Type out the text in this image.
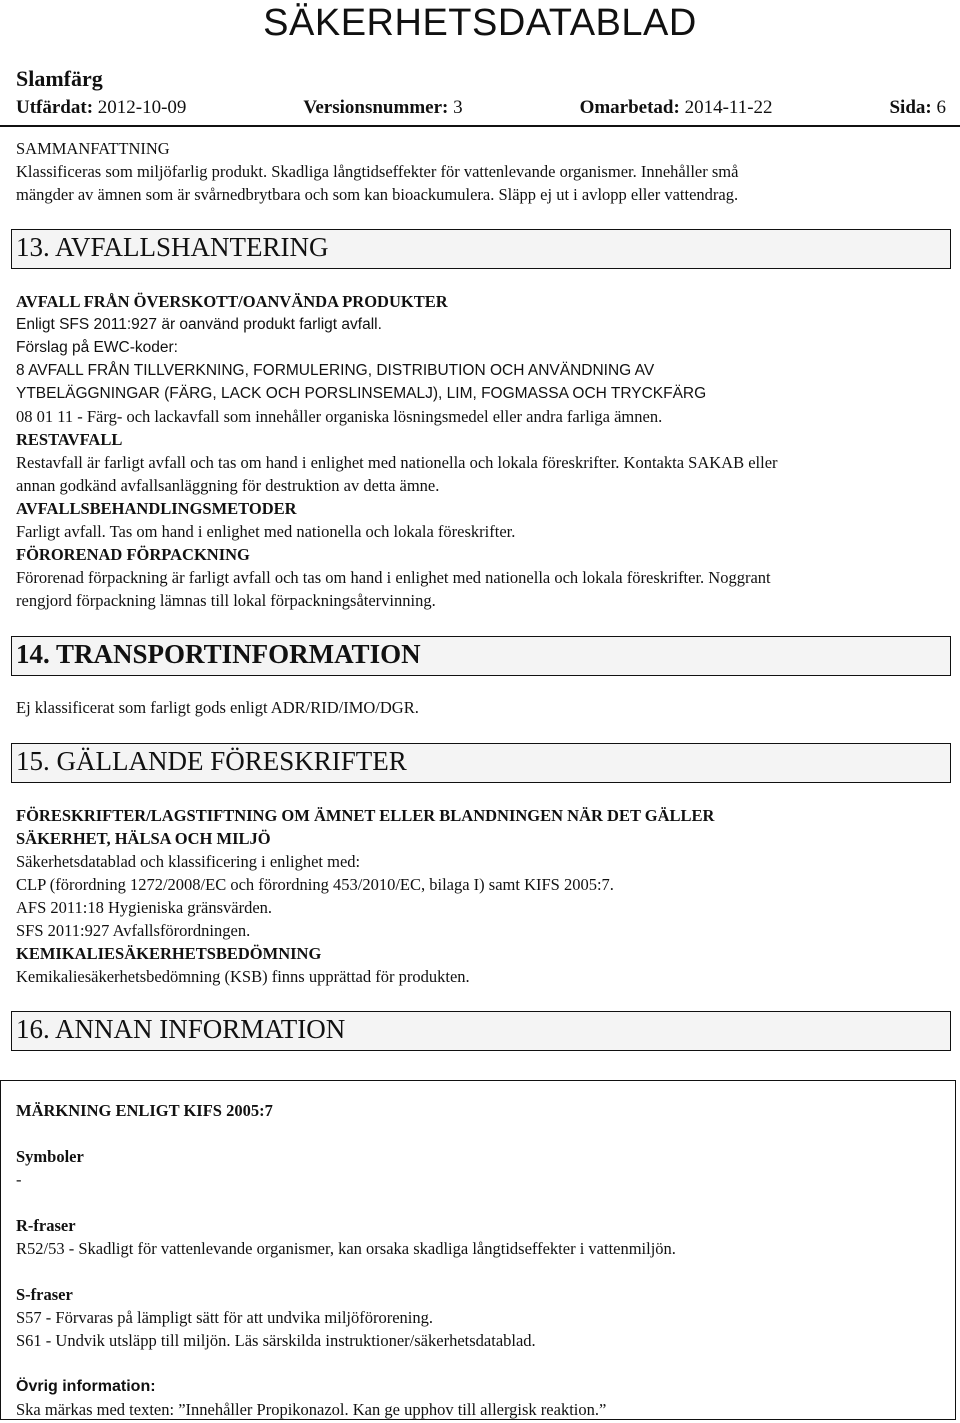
SÄKERHETSDATABLAD
Slamfärg
Utfärdat: 2012-10-09	Versionsnummer: 3	Omarbetad: 2014-11-22	Sida: 6

SAMMANFATTNING

Klassificeras som miljöfarlig produkt. Skadliga långtidseffekter för vattenlevande organismer. Innehåller små

mängder av ämnen som är svårnedbrytbara och som kan bioackumulera. Släpp ej ut i avlopp eller vattendrag.

13. AVFALLSHANTERING

AVFALL FRÅN ÖVERSKOTT/OANVÄNDA PRODUKTER

Enligt SFS 2011:927 är oanvänd produkt farligt avfall.

Förslag på EWC-koder:

8 AVFALL FRÅN TILLVERKNING, FORMULERING, DISTRIBUTION OCH ANVÄNDNING AV

YTBELÄGGNINGAR (FÄRG, LACK OCH PORSLINSEMALJ), LIM, FOGMASSA OCH TRYCKFÄRG

08 01 11 - Färg- och lackavfall som innehåller organiska lösningsmedel eller andra farliga ämnen.

RESTAVFALL

Restavfall är farligt avfall och tas om hand i enlighet med nationella och lokala föreskrifter. Kontakta SAKAB eller

annan godkänd avfallsanläggning för destruktion av detta ämne.

AVFALLSBEHANDLINGSMETODER

Farligt avfall. Tas om hand i enlighet med nationella och lokala föreskrifter.

FÖRORENAD FÖRPACKNING

Förorenad förpackning är farligt avfall och tas om hand i enlighet med nationella och lokala föreskrifter. Noggrant

rengjord förpackning lämnas till lokal förpackningsåtervinning.

14. TRANSPORTINFORMATION

Ej klassificerat som farligt gods enligt ADR/RID/IMO/DGR.

15. GÄLLANDE FÖRESKRIFTER

FÖRESKRIFTER/LAGSTIFTNING OM ÄMNET ELLER BLANDNINGEN NÄR DET GÄLLER

SÄKERHET, HÄLSA OCH MILJÖ

Säkerhetsdatablad och klassificering i enlighet med:

CLP (förordning 1272/2008/EC och förordning 453/2010/EC, bilaga I) samt KIFS 2005:7.

AFS 2011:18 Hygieniska gränsvärden.

SFS 2011:927 Avfallsförordningen.

KEMIKALIESÄKERHETSBEDÖMNING

Kemikaliesäkerhetsbedömning (KSB) finns upprättad för produkten.

16. ANNAN INFORMATION

MÄRKNING ENLIGT KIFS 2005:7

Symboler

-

R-fraser

R52/53 - Skadligt för vattenlevande organismer, kan orsaka skadliga långtidseffekter i vattenmiljön.

S-fraser

S57 - Förvaras på lämpligt sätt för att undvika miljöförorening.

S61 - Undvik utsläpp till miljön. Läs särskilda instruktioner/säkerhetsdatablad.

Övrig information:

Ska märkas med texten: ”Innehåller Propikonazol. Kan ge upphov till allergisk reaktion.”
